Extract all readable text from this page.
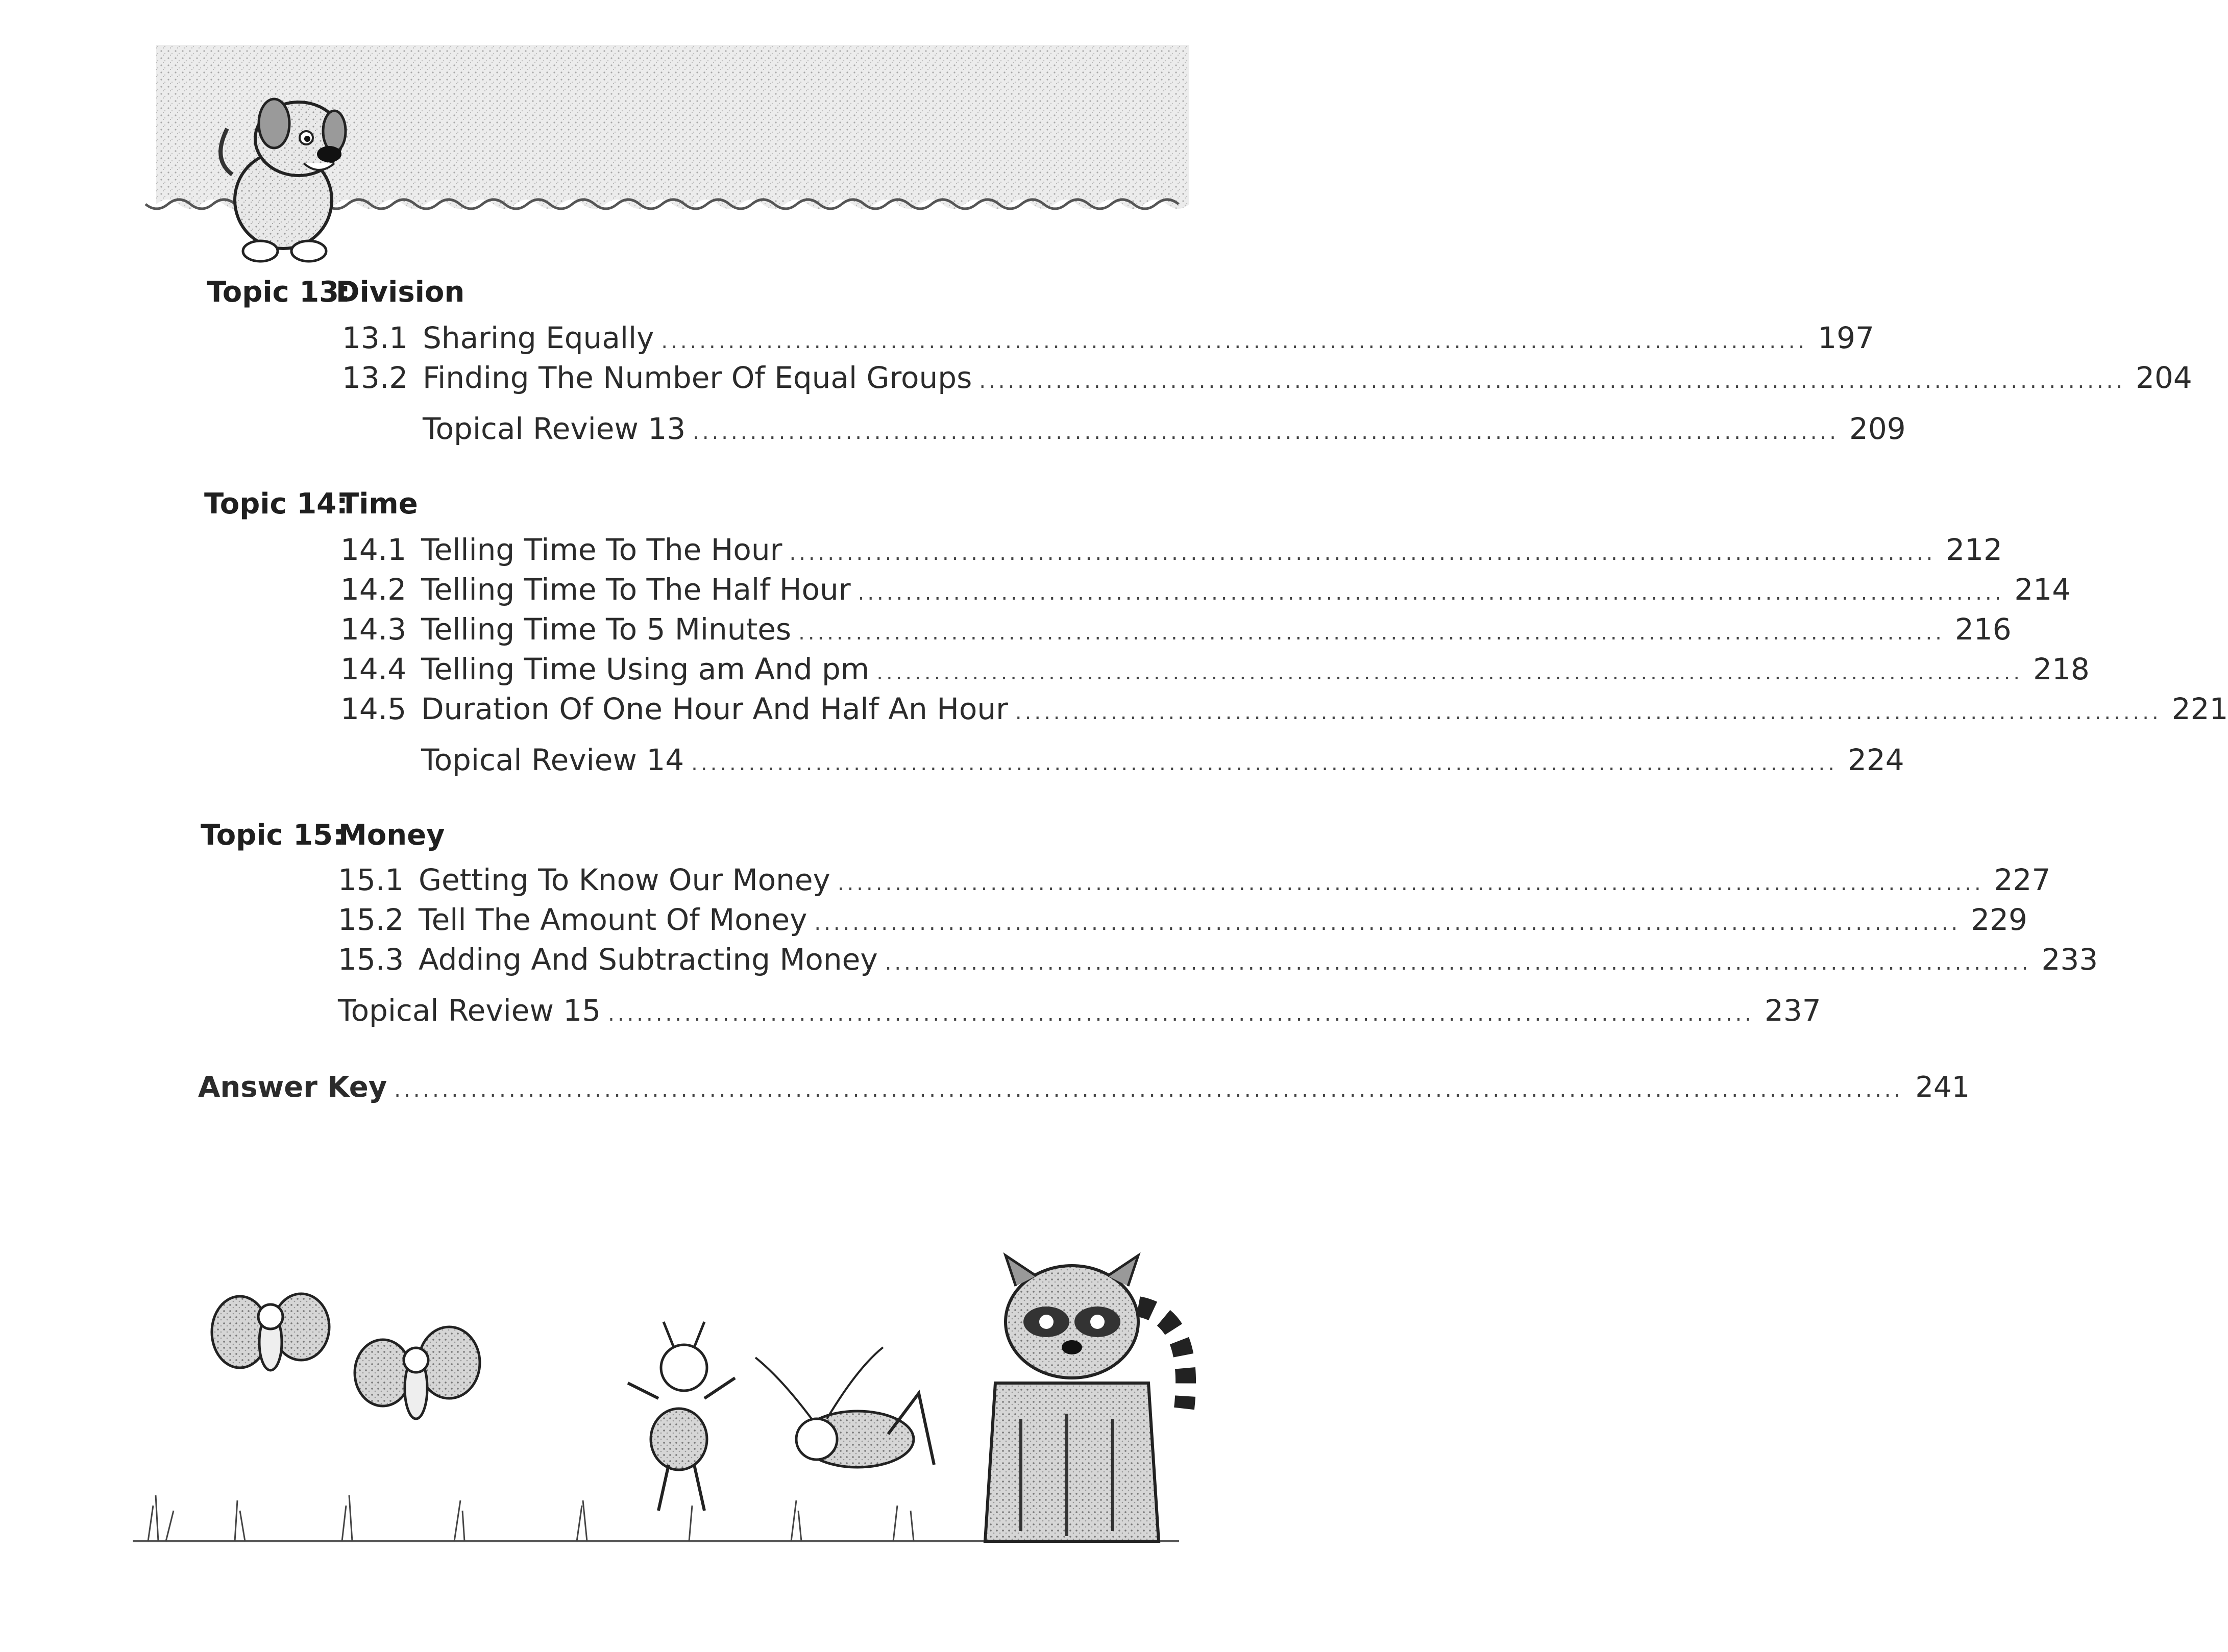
Topic 13:
Division
13.1 Sharing Equally ........................................................................................................................ 197
13.2 Finding The Number Of Equal Groups ........................................................................................................................ 204
Topical Review 13 ........................................................................................................................ 209
Topic 14:
Time
14.1 Telling Time To The Hour ........................................................................................................................ 212
14.2 Telling Time To The Half Hour ........................................................................................................................ 214
14.3 Telling Time To 5 Minutes ........................................................................................................................ 216
14.4 Telling Time Using am And pm ........................................................................................................................ 218
14.5 Duration Of One Hour And Half An Hour ........................................................................................................................ 221
Topical Review 14 ........................................................................................................................ 224
Topic 15:
Money
15.1 Getting To Know Our Money ........................................................................................................................ 227
15.2 Tell The Amount Of Money ........................................................................................................................ 229
15.3 Adding And Subtracting Money ........................................................................................................................ 233
Topical Review 15 ........................................................................................................................ 237
Answer Key .............................................................................................................................................................. 241
